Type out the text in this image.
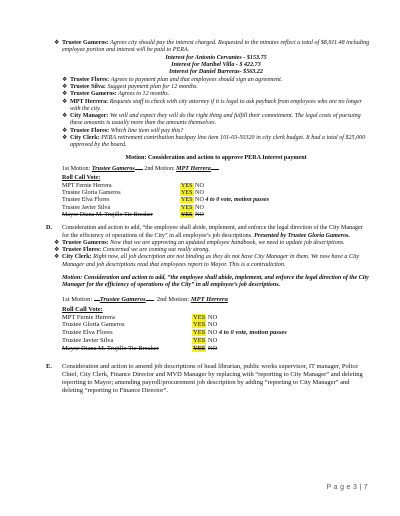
❖ Trustee Gameros: Agrees city should pay the interest charged. Requested to the minutes reflect a total of $8,911.48 including employee portion and interest will be paid to PERA.
Interest for Antonio Cervantes - $153.75
Interest for Maribel Villa - $ 422.73
Interest for Daniel Barreras- $563.22
❖ Trustee Flores: Agrees to payment plan and that employees should sign an agreement.
❖ Trustee Silva: Suggest payment plan for 12 months.
❖ Trustee Gameros: Agrees to 12 months.
❖ MPT Herrera: Requests staff to check with city attorney if it is legal to ask payback from employees who are no longer with the city.
❖ City Manager: We will and expect they will do the right thing and fulfill their commitment. The legal costs of pursuing these amounts is usually more than the amounts themselves.
❖ Trustee Flores: Which line item will pay this?
❖ City Clerk: PERA retirement contribution backpay line item 101-03-50320 in city clerk budget. It had a total of $25,000 approved by the board.
Motion: Consideration and action to approve PERA Interest payment
1st Motion: Trustee Gameros 2nd Motion: MPT Herrera
Roll Call Vote:
MPT Fernie Herrera	YES NO
Trustee Gloria Gameros	YES NO
Trustee Elva Flores	YES NO 4 to 0 vote, motion passes
Trustee Javier Silva	YES NO
Mayor Diana M. Trujillo Tie Breaker	YES NO
D.	Consideration and action to add, “the employee shall abide, implement, and enforce the legal direction of the City Manager for the efficiency of operations of the City” in all employee’s job descriptions. Presented by Trustee Gloria Gameros.
❖ Trustee Gameros: Now that we are approving an updated employee handbook, we need to update job descriptions.
❖ Trustee Flores: Concerned we are coming out really strong.
❖ City Clerk: Right now, all job description are not binding as they do not have City Manager in them. We now have a City Manager and job descriptions read that employees report to Mayor. This is a contradiction.
Motion: Consideration and action to add, “the employee shall abide, implement, and enforce the legal direction of the City Manager for the efficiency of operations of the City” in all employee’s job descriptions.
1st Motion: Trustee Gameros 2nd Motion: MPT Herrera
Roll Call Vote:
MPT Fernie Herrera	YES NO
Trustee Gloria Gameros	YES NO
Trustee Elva Flores	YES NO 4 to 0 vote, motion passes
Trustee Javier Silva	YES NO
Mayor Diana M. Trujillo Tie Breaker	YES NO
E.	Consideration and action to amend job descriptions of head librarian, public works supervisor, IT manager, Police Chief, City Clerk, Finance Director and MVD Manager by replacing with “reporting to City Manager” and deleting reporting to Mayor; amending payroll/procurement job description by adding “reporting to City Manager” and deleting “reporting to Finance Director”.
P a g e 3 | 7
